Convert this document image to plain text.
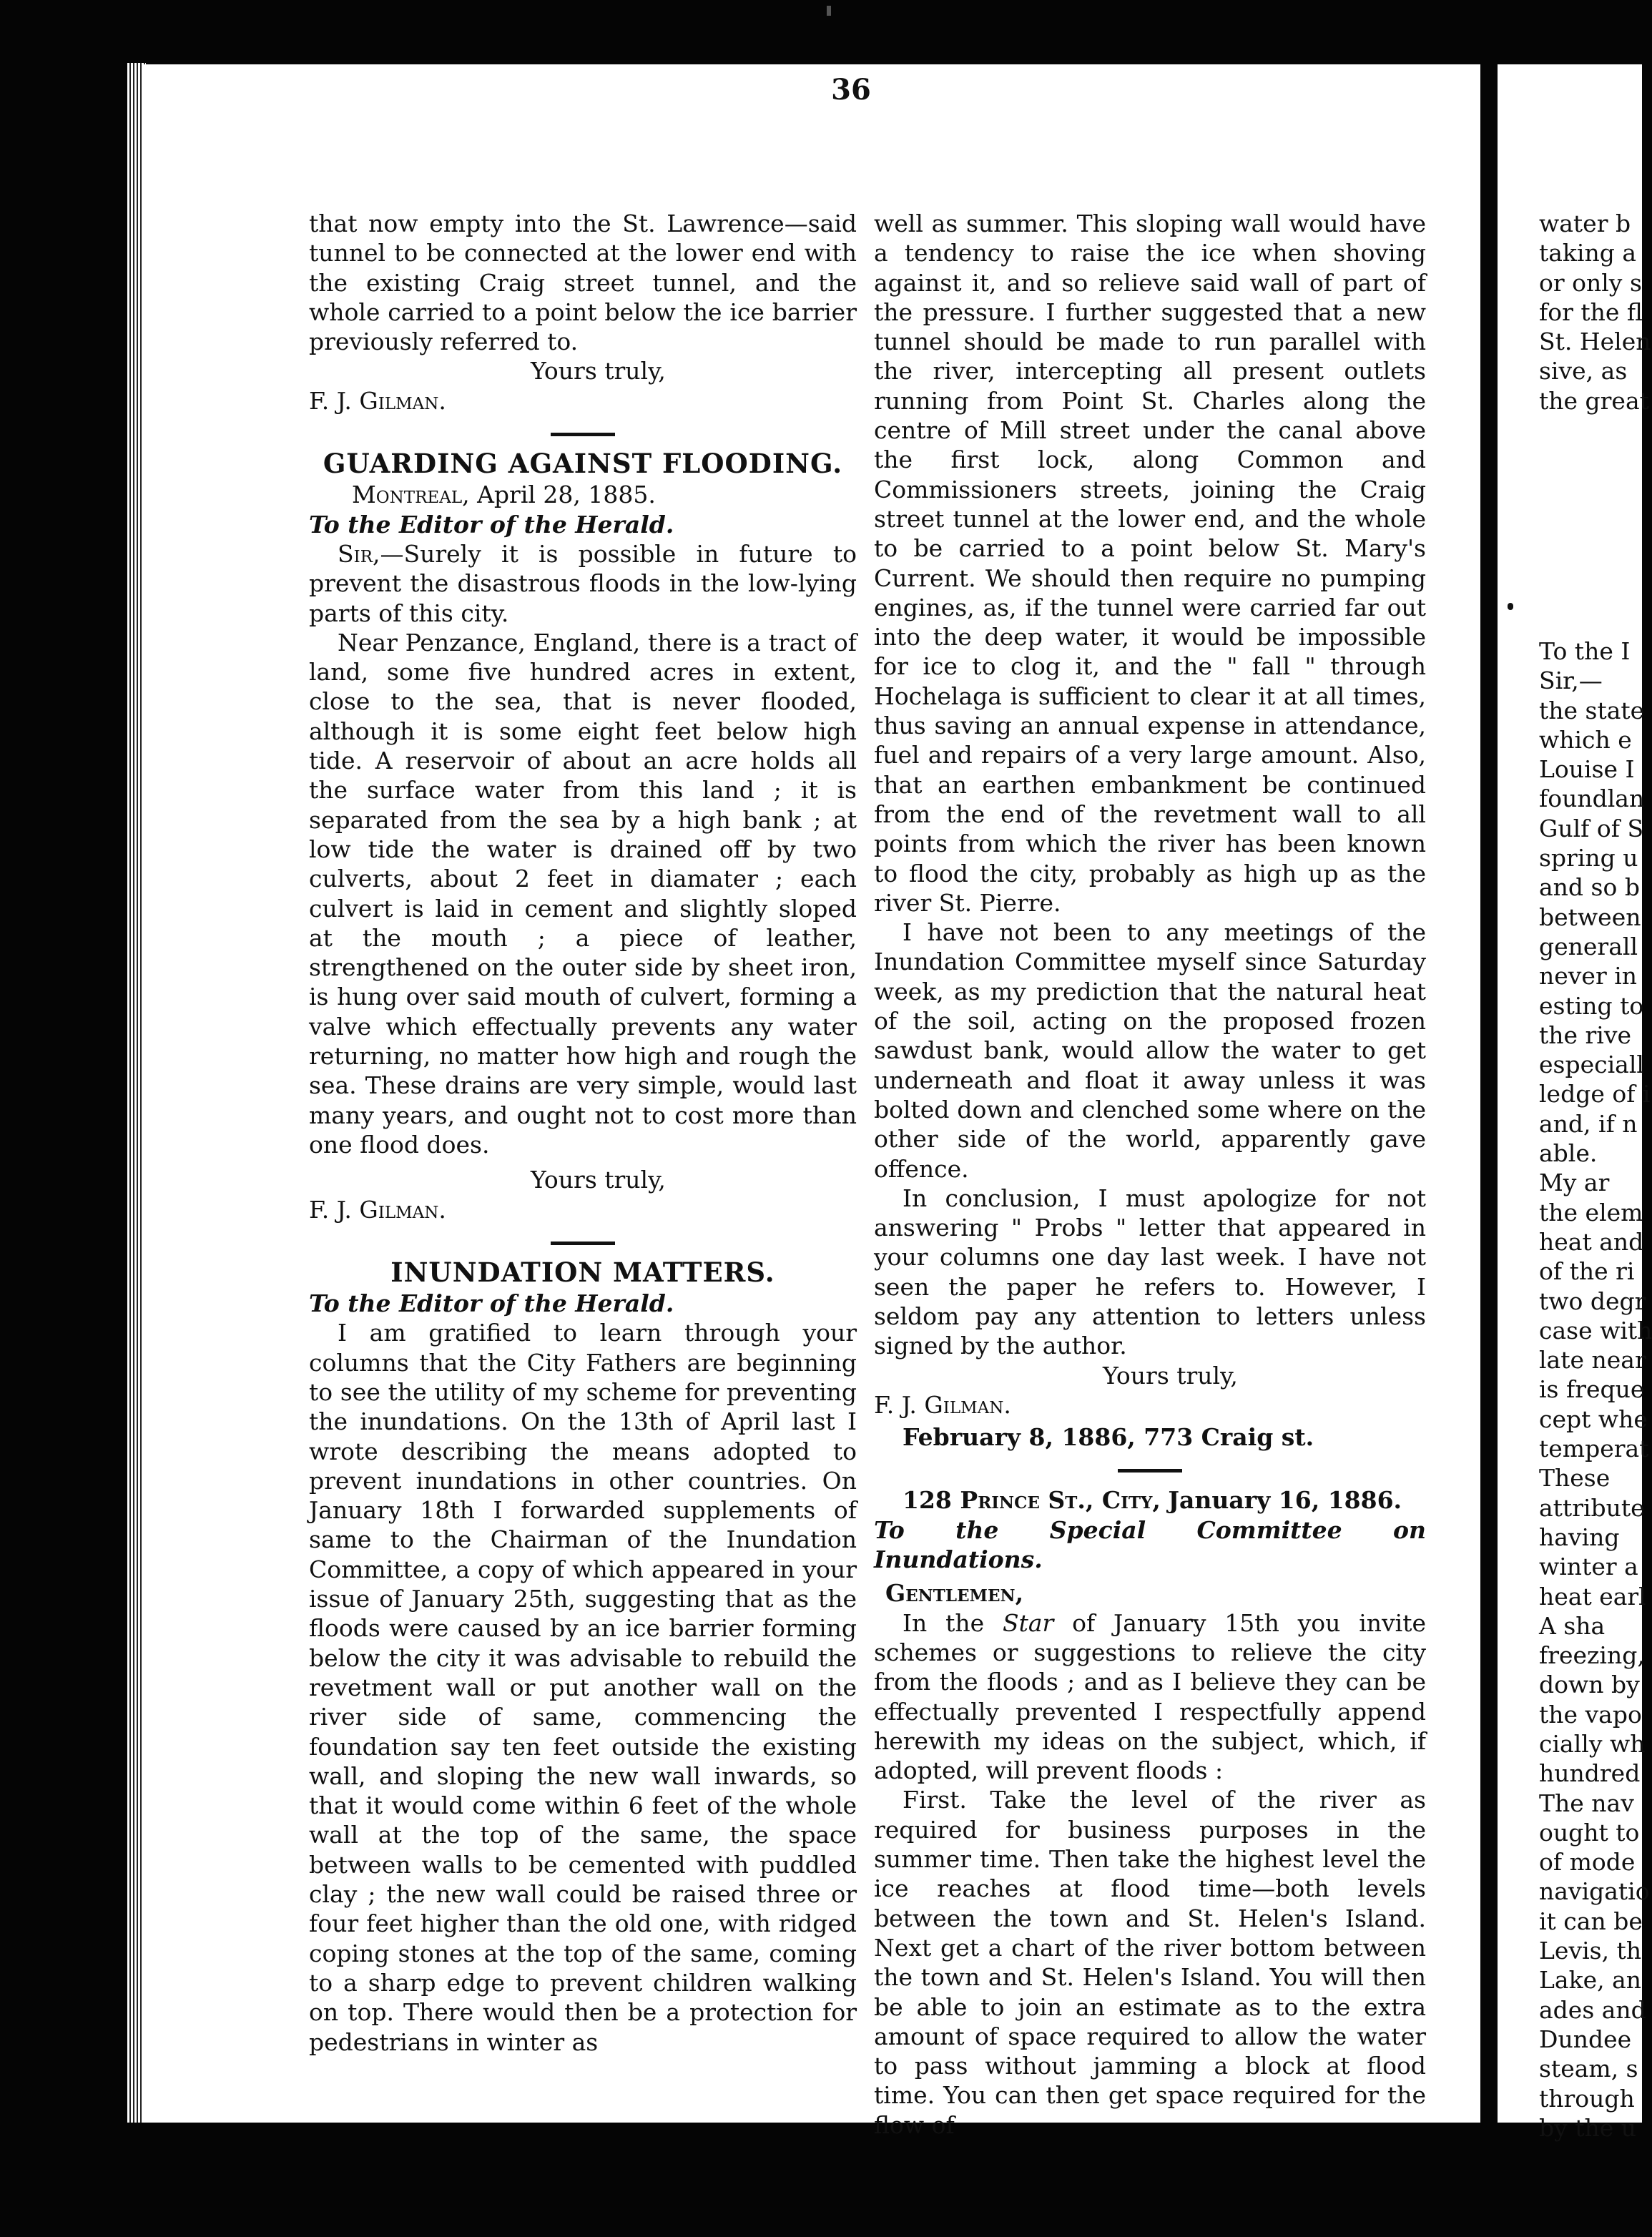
36

that now empty into the St. Lawrence—said tunnel to be connected at the lower end with the existing Craig street tunnel, and the whole carried to a point below the ice barrier previously referred to.

Yours truly,

F. J. Gilman.

GUARDING AGAINST FLOODING.

Montreal, April 28, 1885.

To the Editor of the Herald.

Sir,—Surely it is possible in future to prevent the disastrous floods in the low-lying parts of this city.

Near Penzance, England, there is a tract of land, some five hundred acres in extent, close to the sea, that is never flooded, although it is some eight feet below high tide. A reservoir of about an acre holds all the surface water from this land ; it is separated from the sea by a high bank ; at low tide the water is drained off by two culverts, about 2 feet in diamater ; each culvert is laid in cement and slightly sloped at the mouth ; a piece of leather, strengthened on the outer side by sheet iron, is hung over said mouth of culvert, forming a valve which effectually prevents any water returning, no matter how high and rough the sea. These drains are very simple, would last many years, and ought not to cost more than one flood does.

Yours truly,

F. J. Gilman.

INUNDATION MATTERS.

To the Editor of the Herald.

I am gratified to learn through your columns that the City Fathers are beginning to see the utility of my scheme for preventing the inundations. On the 13th of April last I wrote describing the means adopted to prevent inundations in other countries. On January 18th I forwarded supplements of same to the Chairman of the Inundation Committee, a copy of which appeared in your issue of January 25th, suggesting that as the floods were caused by an ice barrier forming below the city it was advisable to rebuild the revetment wall or put another wall on the river side of same, commencing the foundation say ten feet outside the existing wall, and sloping the new wall inwards, so that it would come within 6 feet of the whole wall at the top of the same, the space between walls to be cemented with puddled clay ; the new wall could be raised three or four feet higher than the old one, with ridged coping stones at the top of the same, coming to a sharp edge to prevent children walking on top. There would then be a protection for pedestrians in winter as

well as summer. This sloping wall would have a tendency to raise the ice when shoving against it, and so relieve said wall of part of the pressure. I further suggested that a new tunnel should be made to run parallel with the river, intercepting all present outlets running from Point St. Charles along the centre of Mill street under the canal above the first lock, along Common and Commissioners streets, joining the Craig street tunnel at the lower end, and the whole to be carried to a point below St. Mary's Current. We should then require no pumping engines, as, if the tunnel were carried far out into the deep water, it would be impossible for ice to clog it, and the " fall " through Hochelaga is sufficient to clear it at all times, thus saving an annual expense in attendance, fuel and repairs of a very large amount. Also, that an earthen embankment be continued from the end of the revetment wall to all points from which the river has been known to flood the city, probably as high up as the river St. Pierre.

I have not been to any meetings of the Inundation Committee myself since Saturday week, as my prediction that the natural heat of the soil, acting on the proposed frozen sawdust bank, would allow the water to get underneath and float it away unless it was bolted down and clenched some where on the other side of the world, apparently gave offence.

In conclusion, I must apologize for not answering " Probs " letter that appeared in your columns one day last week. I have not seen the paper he refers to. However, I seldom pay any attention to letters unless signed by the author.

Yours truly,

F. J. Gilman.

February 8, 1886, 773 Craig st.

128 Prince St., City, January 16, 1886.

To the Special Committee on Inundations.

Gentlemen,

In the Star of January 15th you invite schemes or suggestions to relieve the city from the floods ; and as I believe they can be effectually prevented I respectfully append herewith my ideas on the subject, which, if adopted, will prevent floods :

First. Take the level of the river as required for business purposes in the summer time. Then take the highest level the ice reaches at flood time—both levels between the town and St. Helen's Island. Next get a chart of the river bottom between the town and St. Helen's Island. You will then be able to join an estimate as to the extra amount of space required to allow the water to pass without jamming a block at flood time. You can then get space required for the flow of

water b
taking a
or only s
for the fl
St. Helen
sive, as
the great
To the I
Sir,—
the state
which e
Louise I
foundlan
Gulf of S
spring u
and so b
between
generall
never in
esting to
the rive
especiall
ledge of i
and, if n
able.
My ar
the elem
heat and
of the ri
two degr
case with
late near
is freque
cept whe
temperat
These
attribute
having
winter a
heat earl
A sha
freezing,
down by
the vapo
cially wh
hundred
The nav
ought to
of mode
navigatio
it can be
Levis, th
Lake, an
ades and
Dundee
steam, s
through
by the u
